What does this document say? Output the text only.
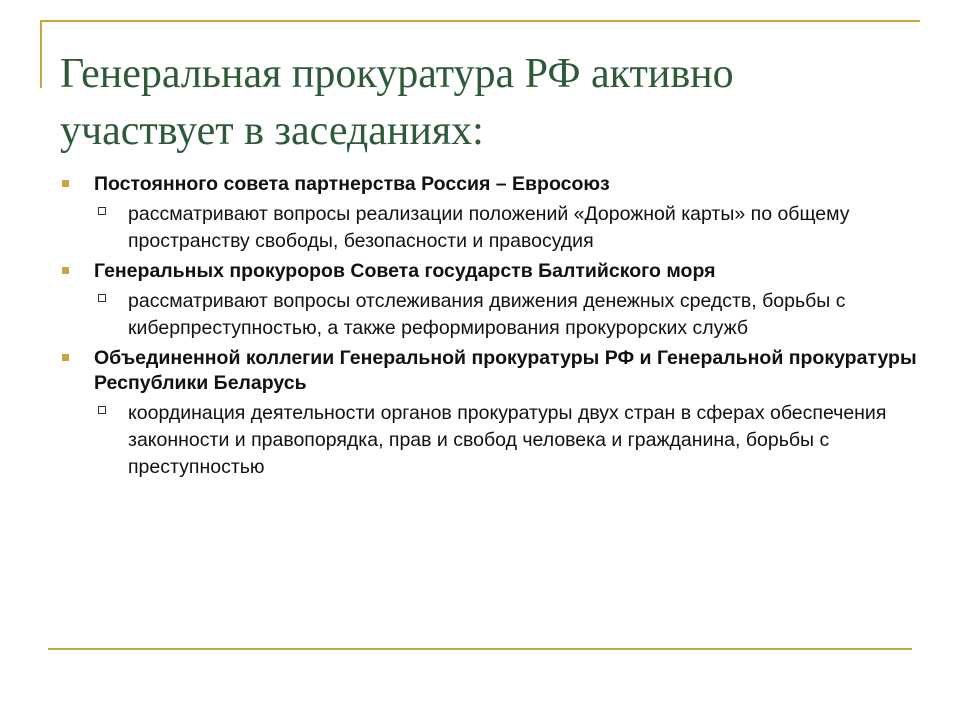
Генеральная прокуратура РФ активно участвует в заседаниях:
Постоянного совета партнерства Россия – Евросоюз
рассматривают вопросы реализации положений «Дорожной карты» по общему пространству свободы, безопасности и правосудия
Генеральных прокуроров Совета государств Балтийского моря
рассматривают вопросы отслеживания движения денежных средств, борьбы с киберпреступностью, а также реформирования прокурорских служб
Объединенной коллегии Генеральной прокуратуры РФ и Генеральной прокуратуры Республики Беларусь
координация деятельности органов прокуратуры двух стран в сферах обеспечения законности и правопорядка, прав и свобод человека и гражданина, борьбы с преступностью
